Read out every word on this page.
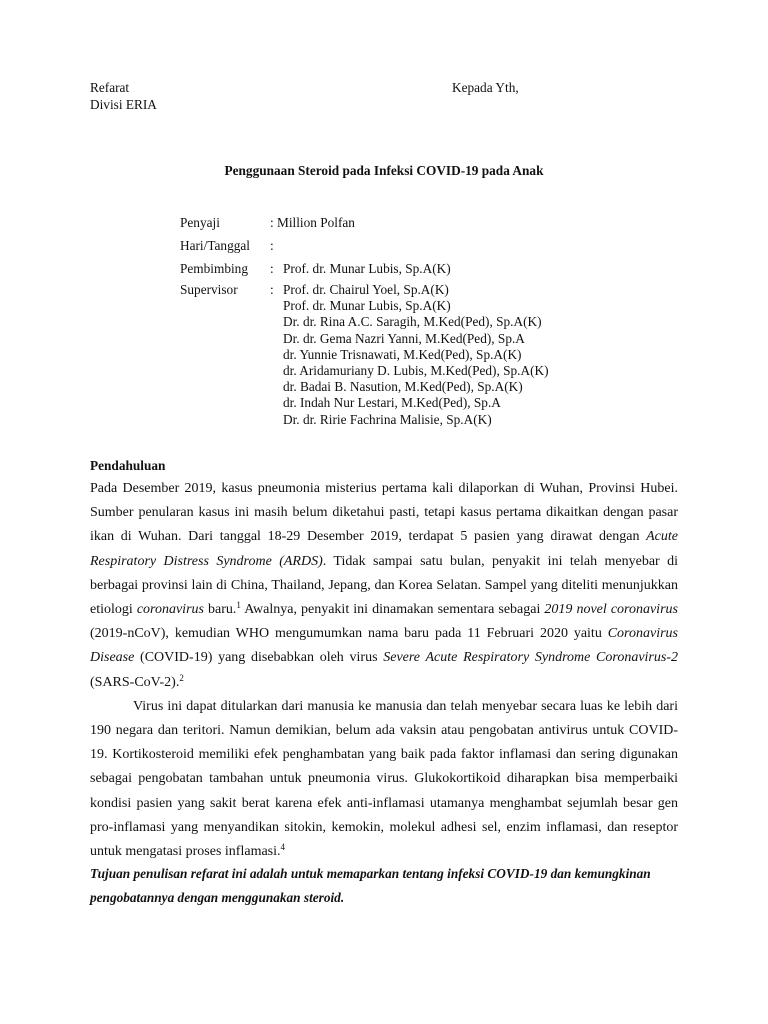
Refarat
Divisi ERIA
Kepada Yth,
Penggunaan Steroid pada Infeksi COVID-19 pada Anak
Penyaji	: Million Polfan
Hari/Tanggal :
Pembimbing : Prof. dr. Munar Lubis, Sp.A(K)
Supervisor : Prof. dr. Chairul Yoel, Sp.A(K)
Prof. dr. Munar Lubis, Sp.A(K)
Dr. dr. Rina A.C. Saragih, M.Ked(Ped), Sp.A(K)
Dr. dr. Gema Nazri Yanni, M.Ked(Ped), Sp.A
dr. Yunnie Trisnawati, M.Ked(Ped), Sp.A(K)
dr. Aridamuriany D. Lubis, M.Ked(Ped), Sp.A(K)
dr. Badai B. Nasution, M.Ked(Ped), Sp.A(K)
dr. Indah Nur Lestari, M.Ked(Ped), Sp.A
Dr. dr. Ririe Fachrina Malisie, Sp.A(K)
Pendahuluan

Pada Desember 2019, kasus pneumonia misterius pertama kali dilaporkan di Wuhan, Provinsi Hubei. Sumber penularan kasus ini masih belum diketahui pasti, tetapi kasus pertama dikaitkan dengan pasar ikan di Wuhan. Dari tanggal 18-29 Desember 2019, terdapat 5 pasien yang dirawat dengan Acute Respiratory Distress Syndrome (ARDS). Tidak sampai satu bulan, penyakit ini telah menyebar di berbagai provinsi lain di China, Thailand, Jepang, dan Korea Selatan. Sampel yang diteliti menunjukkan etiologi coronavirus baru.$^1$ Awalnya, penyakit ini dinamakan sementara sebagai 2019 novel coronavirus (2019-nCoV), kemudian WHO mengumumkan nama baru pada 11 Februari 2020 yaitu Coronavirus Disease (COVID-19) yang disebabkan oleh virus Severe Acute Respiratory Syndrome Coronavirus-2 (SARS-CoV-2).$^2$

Virus ini dapat ditularkan dari manusia ke manusia dan telah menyebar secara luas ke lebih dari 190 negara dan teritori. Namun demikian, belum ada vaksin atau pengobatan antivirus untuk COVID-19. Kortikosteroid memiliki efek penghambatan yang baik pada faktor inflamasi dan sering digunakan sebagai pengobatan tambahan untuk pneumonia virus. Glukokortikoid diharapkan bisa memperbaiki kondisi pasien yang sakit berat karena efek anti-inflamasi utamanya menghambat sejumlah besar gen pro-inflamasi yang menyandikan sitokin, kemokin, molekul adhesi sel, enzim inflamasi, dan reseptor untuk mengatasi proses inflamasi.$^4$

Tujuan penulisan refarat ini adalah untuk memaparkan tentang infeksi COVID-19 dan kemungkinan pengobatannya dengan menggunakan steroid.
